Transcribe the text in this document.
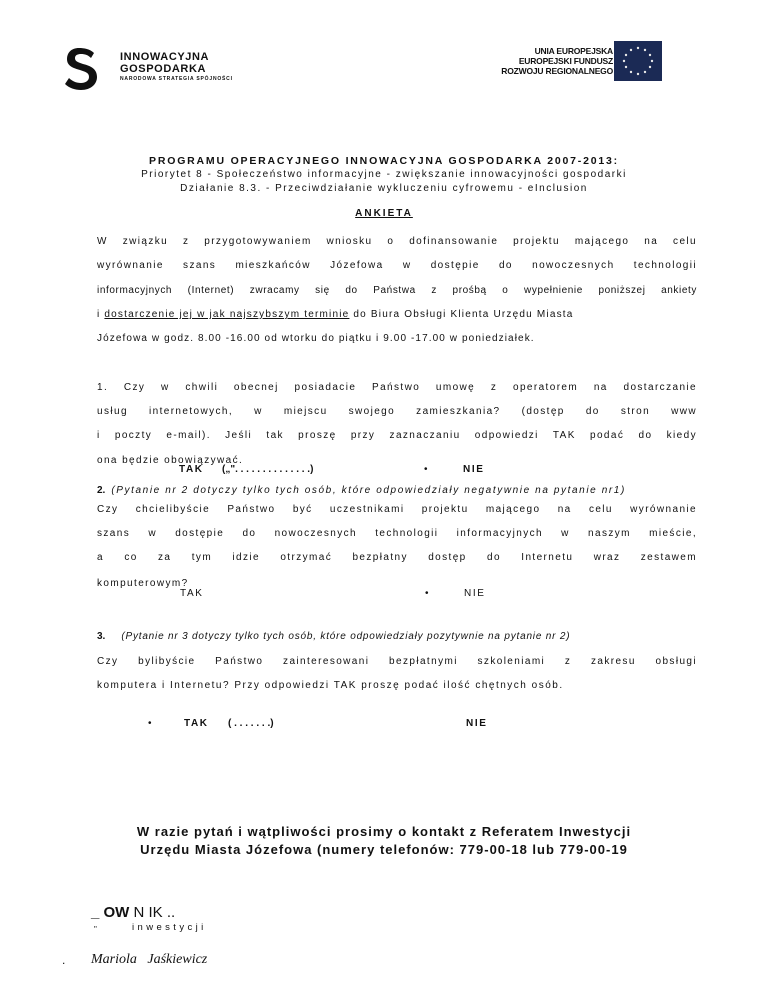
INNOWACYJNA
GOSPODARKA
NARODOWA STRATEGIA SPÓJNOŚCI
UNIA EUROPEJSKA
EUROPEJSKI FUNDUSZ
ROZWOJU REGIONALNEGO
PROGRAMU OPERACYJNEGO INNOWACYJNA GOSPODARKA 2007-2013:
Priorytet 8 - Społeczeństwo informacyjne - zwiększanie innowacyjności gospodarki
Działanie 8.3. - Przeciwdziałanie wykluczeniu cyfrowemu - eInclusion
ANKIETA
W związku z przygotowywaniem wniosku o dofinansowanie projektu mającego na celu
wyrównanie szans mieszkańców Józefowa w dostępie do nowoczesnych technologii
informacyjnych (Internet) zwracamy się do Państwa z prośbą o wypełnienie poniższej ankiety
i dostarczenie jej w jak najszybszym terminie do Biura Obsługi Klienta Urzędu Miasta
Józefowa w godz. 8.00 -16.00 od wtorku do piątku i 9.00 -17.00 w poniedziałek.
1. Czy w chwili obecnej posiadacie Państwo umowę z operatorem na dostarczanie
usług internetowych, w miejscu swojego zamieszkania? (dostęp do stron www
i poczty e-mail). Jeśli tak proszę przy zaznaczaniu odpowiedzi TAK podać do kiedy
ona będzie obowiązywać.
TAK („". . . . . . . . . . . . . .)	•	NIE
2. (Pytanie nr 2 dotyczy tylko tych osób, które odpowiedziały negatywnie na pytanie nr1)
Czy chcielibyście Państwo być uczestnikami projektu mającego na celu wyrównanie
szans w dostępie do nowoczesnych technologii informacyjnych w naszym mieście,
a co za tym idzie otrzymać bezpłatny dostęp do Internetu wraz zestawem
komputerowym?
TAK	•	NIE
3. (Pytanie nr 3 dotyczy tylko tych osób, które odpowiedziały pozytywnie na pytanie nr 2)
Czy bylibyście Państwo zainteresowani bezpłatnymi szkoleniami z zakresu obsługi
komputera i Internetu? Przy odpowiedzi TAK proszę podać ilość chętnych osób.
•	TAK ( . . . . . . .)	NIE
W razie pytań i wątpliwości prosimy o kontakt z Referatem Inwestycji
Urzędu Miasta Józefowa (numery telefonów: 779-00-18 lub 779-00-19
_ OW N IK ..
"	inwestycji
. Mariola   Jaśkiewicz
